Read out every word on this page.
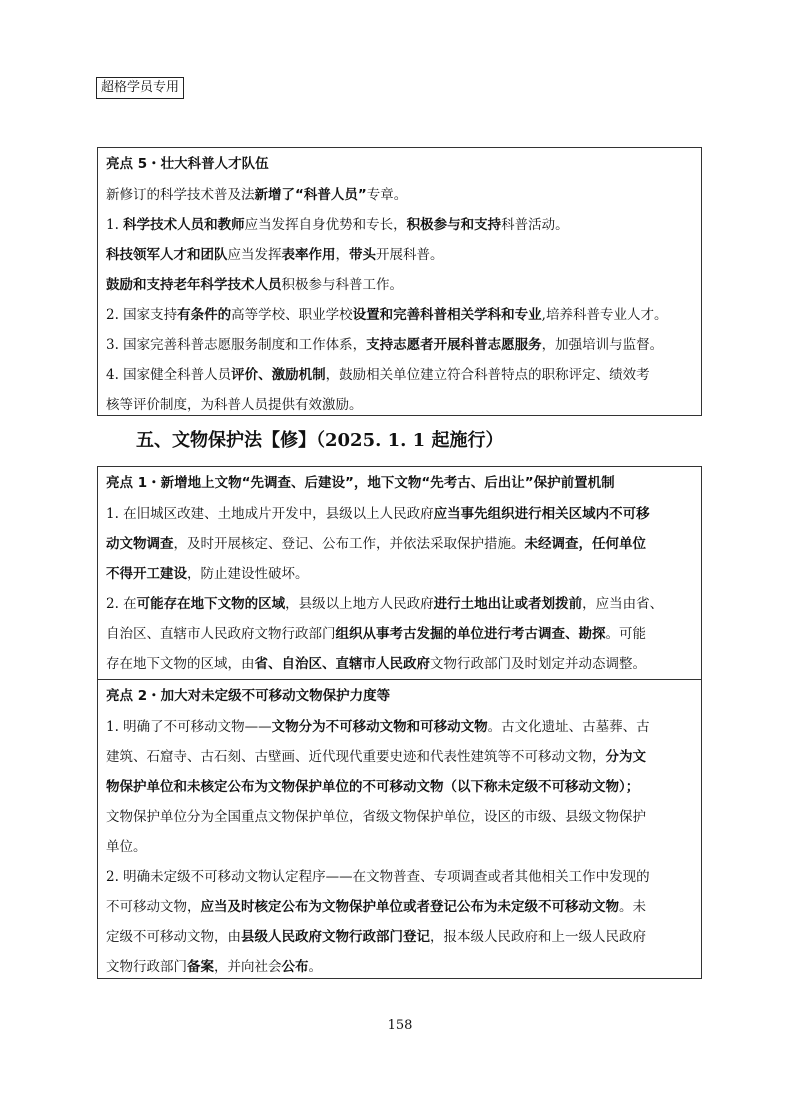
超格学员专用
亮点 5・壮大科普人才队伍

新修订的科学技术普及法新增了“科普人员”专章。

1. 科学技术人员和教师应当发挥自身优势和专长，积极参与和支持科普活动。

科技领军人才和团队应当发挥表率作用，带头开展科普。

鼓励和支持老年科学技术人员积极参与科普工作。

2. 国家支持有条件的高等学校、职业学校设置和完善科普相关学科和专业,培养科普专业人才。

3. 国家完善科普志愿服务制度和工作体系，支持志愿者开展科普志愿服务，加强培训与监督。

4. 国家健全科普人员评价、激励机制，鼓励相关单位建立符合科普特点的职称评定、绩效考

核等评价制度，为科普人员提供有效激励。

五、文物保护法【修】（2025. 1. 1 起施行）
亮点 1・新增地上文物“先调查、后建设”，地下文物“先考古、后出让”保护前置机制

1. 在旧城区改建、土地成片开发中，县级以上人民政府应当事先组织进行相关区域内不可移

动文物调查，及时开展核定、登记、公布工作，并依法采取保护措施。未经调查，任何单位

不得开工建设，防止建设性破坏。

2. 在可能存在地下文物的区域，县级以上地方人民政府进行土地出让或者划拨前，应当由省、

自治区、直辖市人民政府文物行政部门组织从事考古发掘的单位进行考古调查、勘探。可能

存在地下文物的区域，由省、自治区、直辖市人民政府文物行政部门及时划定并动态调整。

亮点 2・加大对未定级不可移动文物保护力度等

1. 明确了不可移动文物——文物分为不可移动文物和可移动文物。古文化遗址、古墓葬、古

建筑、石窟寺、古石刻、古壁画、近代现代重要史迹和代表性建筑等不可移动文物，分为文

物保护单位和未核定公布为文物保护单位的不可移动文物（以下称未定级不可移动文物）；

文物保护单位分为全国重点文物保护单位，省级文物保护单位，设区的市级、县级文物保护

单位。

2. 明确未定级不可移动文物认定程序——在文物普查、专项调查或者其他相关工作中发现的

不可移动文物，应当及时核定公布为文物保护单位或者登记公布为未定级不可移动文物。未

定级不可移动文物，由县级人民政府文物行政部门登记，报本级人民政府和上一级人民政府

文物行政部门备案，并向社会公布。

158
